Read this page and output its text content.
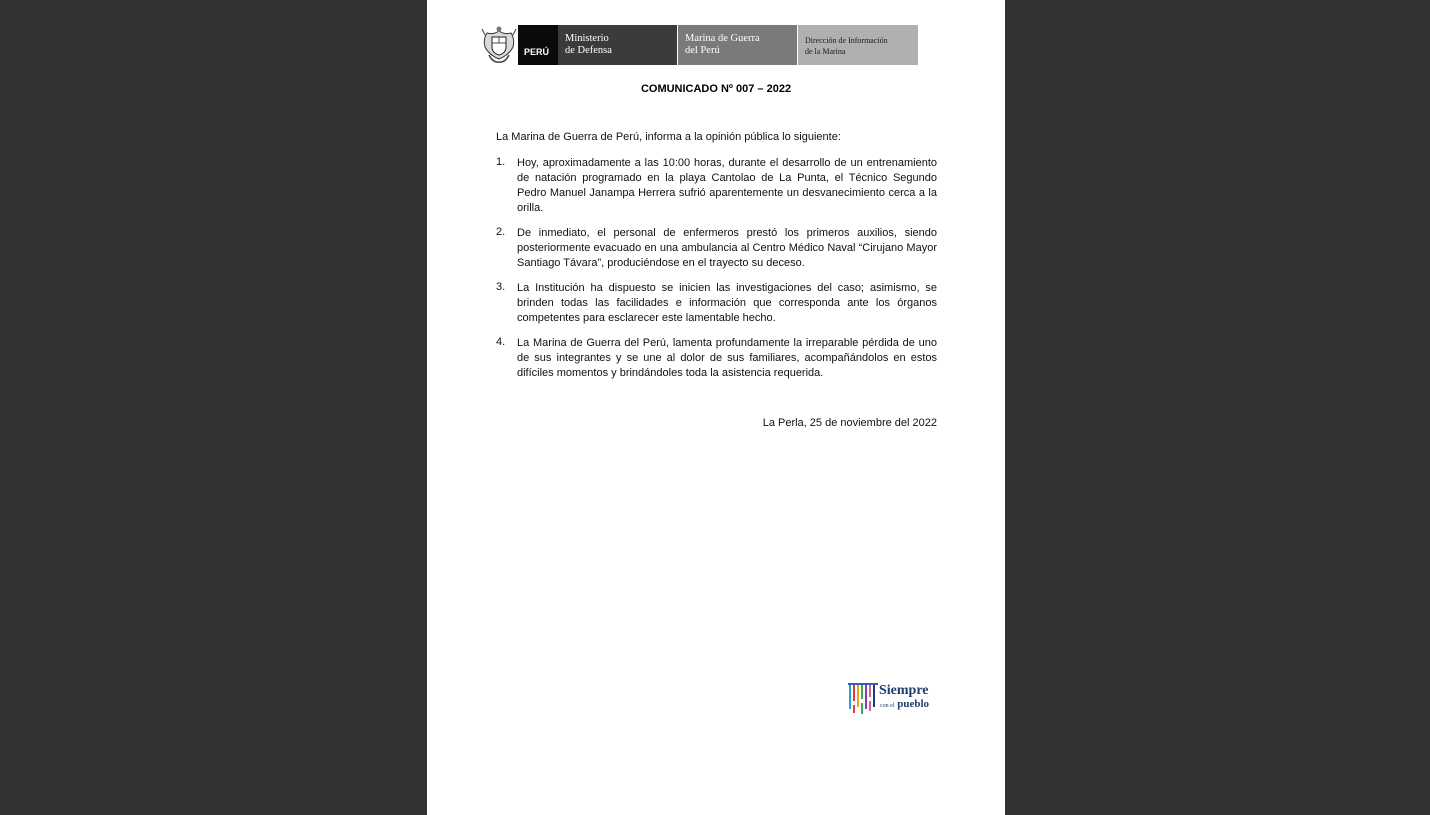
PERÚ
Ministerio
de Defensa
Marina de Guerra
del Perú
Dirección de Información
de la Marina
COMUNICADO Nº 007 – 2022
La Marina de Guerra de Perú, informa a la opinión pública lo siguiente:
1. Hoy, aproximadamente a las 10:00 horas, durante el desarrollo de un entrenamiento de natación programado en la playa Cantolao de La Punta, el Técnico Segundo Pedro Manuel Janampa Herrera sufrió aparentemente un desvanecimiento cerca a la orilla.
2. De inmediato, el personal de enfermeros prestó los primeros auxilios, siendo posteriormente evacuado en una ambulancia al Centro Médico Naval “Cirujano Mayor Santiago Távara”, produciéndose en el trayecto su deceso.
3. La Institución ha dispuesto se inicien las investigaciones del caso; asimismo, se brinden todas las facilidades e información que corresponda ante los órganos competentes para esclarecer este lamentable hecho.
4. La Marina de Guerra del Perú, lamenta profundamente la irreparable pérdida de uno de sus integrantes y se une al dolor de sus familiares, acompañándolos en estos difíciles momentos y brindándoles toda la asistencia requerida.
La Perla, 25 de noviembre del 2022
Siempre
con el pueblo
